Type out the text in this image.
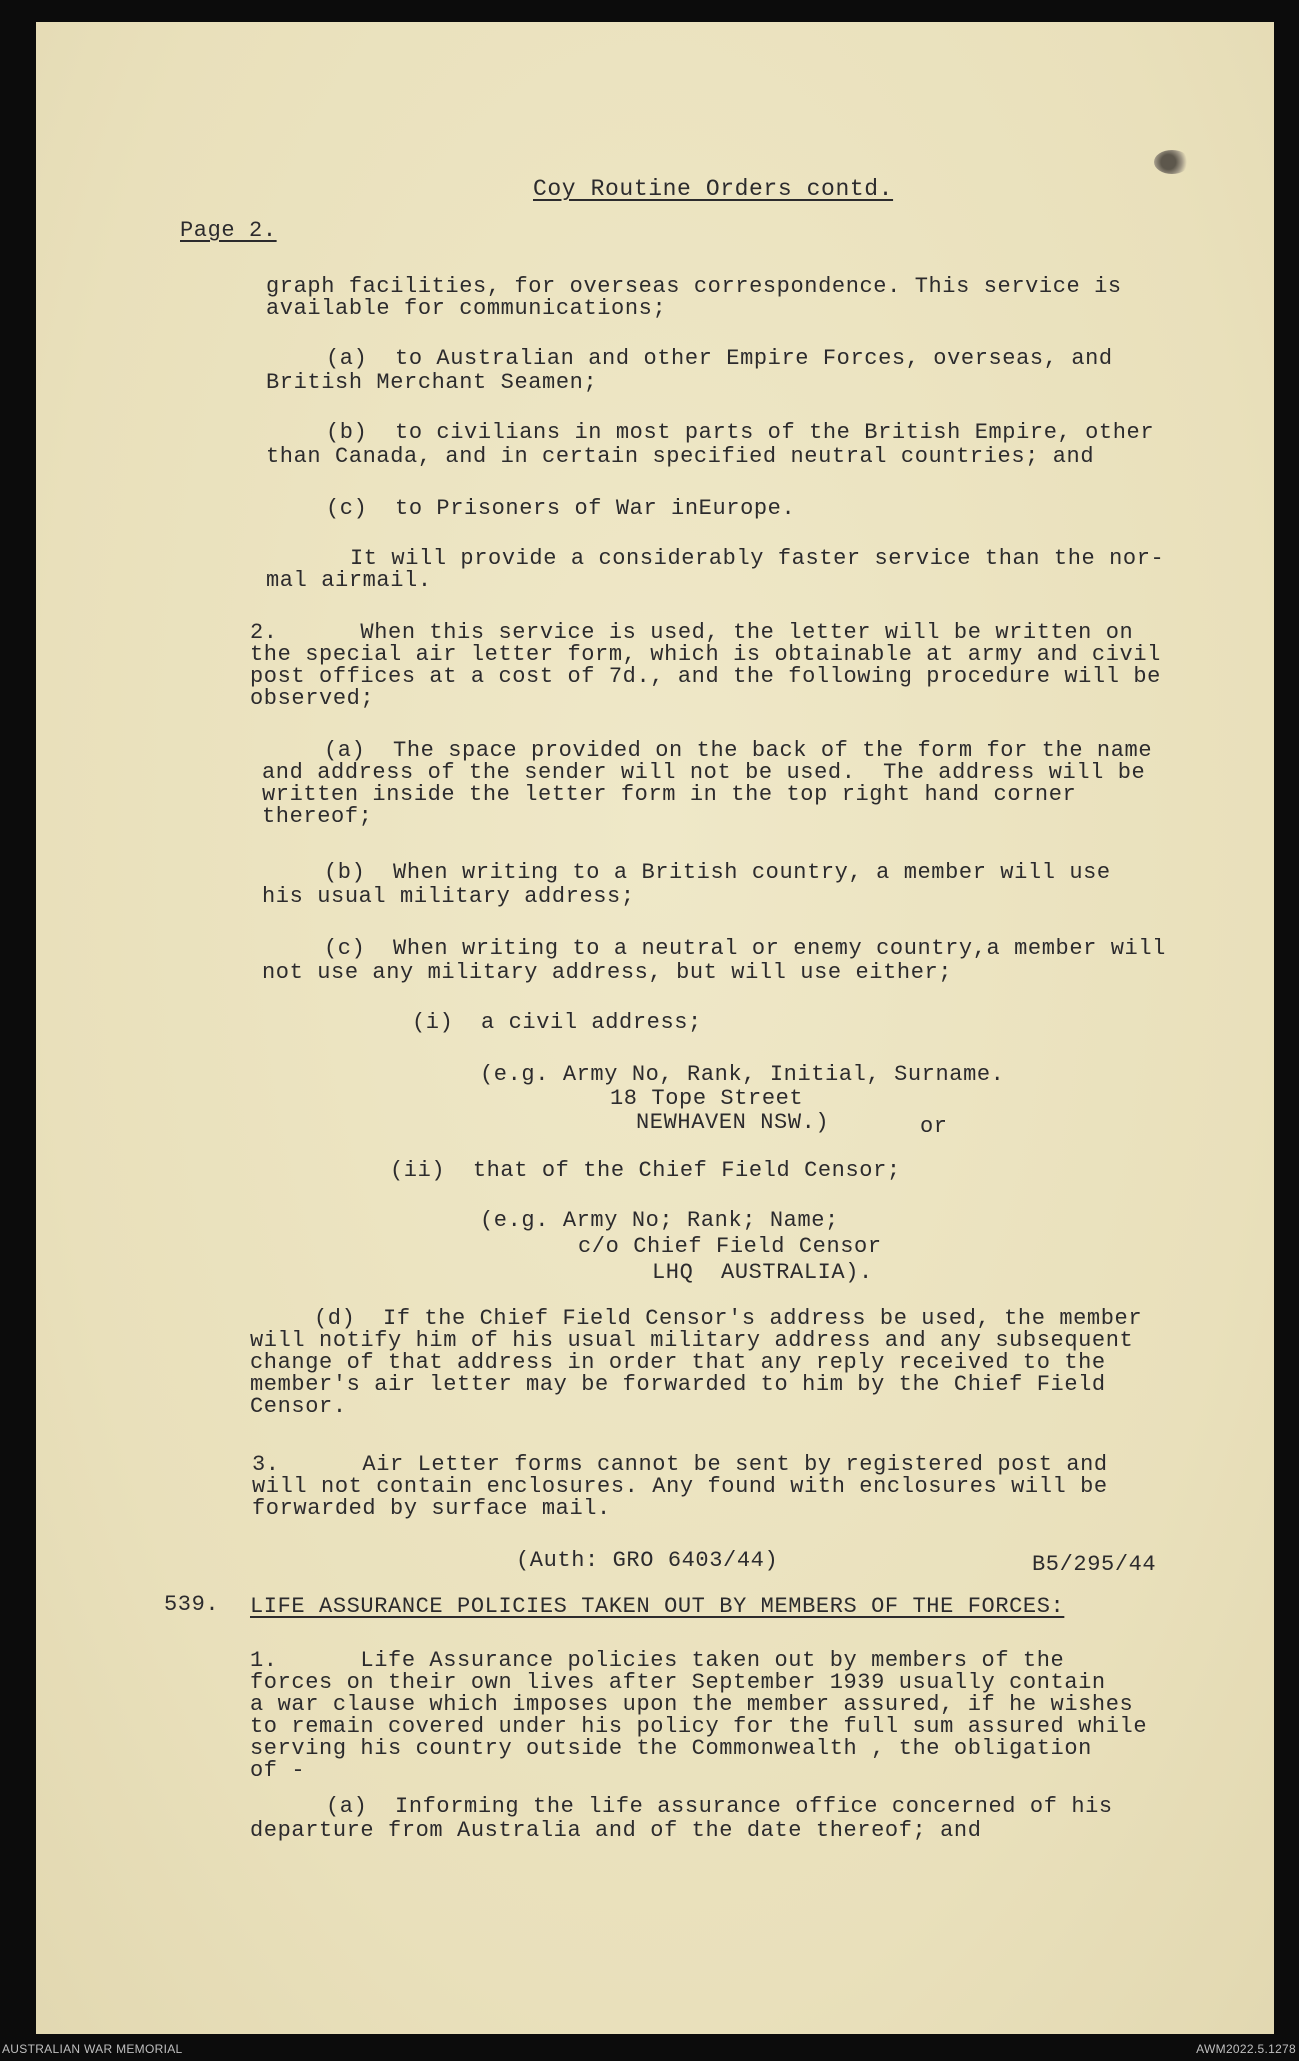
Coy Routine Orders contd.
Page 2.
graph facilities, for overseas correspondence. This service is
available for communications;
(a)  to Australian and other Empire Forces, overseas, and
British Merchant Seamen;
(b)  to civilians in most parts of the British Empire, other
than Canada, and in certain specified neutral countries; and
(c)  to Prisoners of War inEurope.
It will provide a considerably faster service than the nor-
mal airmail.
2.      When this service is used, the letter will be written on
the special air letter form, which is obtainable at army and civil
post offices at a cost of 7d., and the following procedure will be
observed;
(a)  The space provided on the back of the form for the name
and address of the sender will not be used.  The address will be
written inside the letter form in the top right hand corner
thereof;
(b)  When writing to a British country, a member will use
his usual military address;
(c)  When writing to a neutral or enemy country,a member will
not use any military address, but will use either;
(i)  a civil address;
(e.g. Army No, Rank, Initial, Surname.
18 Tope Street
NEWHAVEN NSW.)	or
(ii)  that of the Chief Field Censor;
(e.g. Army No; Rank; Name;
c/o Chief Field Censor
LHQ  AUSTRALIA).
(d)  If the Chief Field Censor's address be used, the member
will notify him of his usual military address and any subsequent
change of that address in order that any reply received to the
member's air letter may be forwarded to him by the Chief Field
Censor.
3.      Air Letter forms cannot be sent by registered post and
will not contain enclosures. Any found with enclosures will be
forwarded by surface mail.
(Auth: GRO 6403/44)	B5/295/44
539. LIFE ASSURANCE POLICIES TAKEN OUT BY MEMBERS OF THE FORCES:
1.      Life Assurance policies taken out by members of the
forces on their own lives after September 1939 usually contain
a war clause which imposes upon the member assured, if he wishes
to remain covered under his policy for the full sum assured while
serving his country outside the Commonwealth , the obligation
of -
(a)  Informing the life assurance office concerned of his
departure from Australia and of the date thereof; and
AUSTRALIAN WAR MEMORIAL	AWM2022.5.1278
